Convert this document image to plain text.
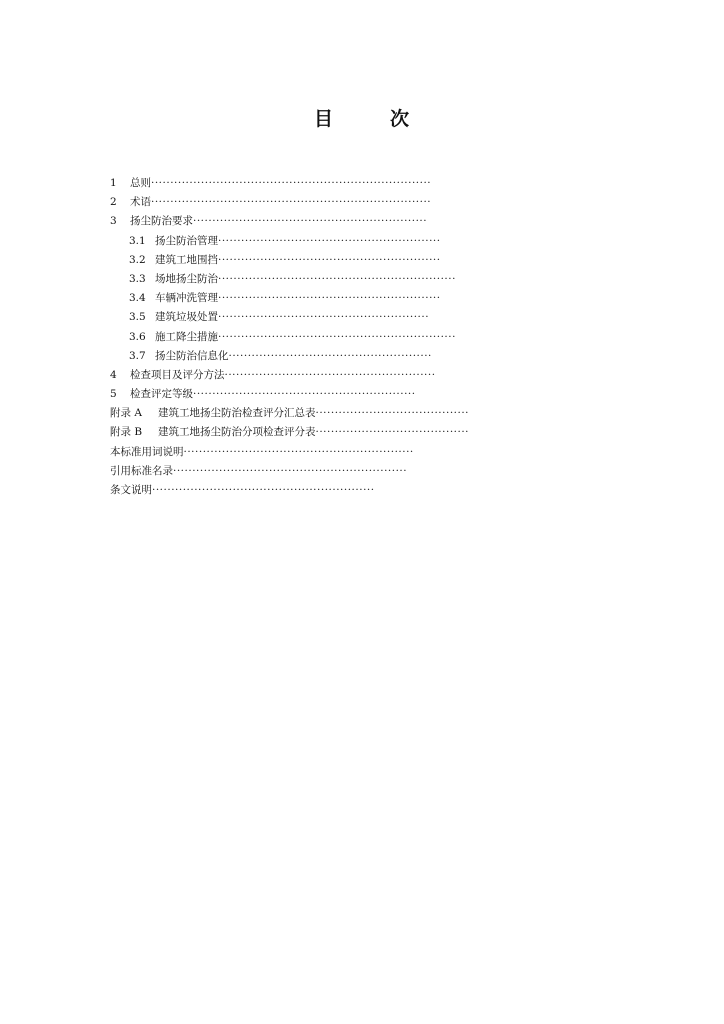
目	次
1 总则·········································································
2 术语·········································································
3 扬尘防治要求·····························································
3.1 扬尘防治管理··························································
3.2 建筑工地围挡··························································
3.3 场地扬尘防治······························································
3.4 车辆冲洗管理··························································
3.5 建筑垃圾处置·······················································
3.6 施工降尘措施······························································
3.7 扬尘防治信息化·····················································
4 检查项目及评分方法·······················································
5 检查评定等级··························································
附录 A 建筑工地扬尘防治检查评分汇总表········································
附录 B 建筑工地扬尘防治分项检查评分表········································
本标准用词说明····························································
引用标准名录·····························································
条文说明··························································
